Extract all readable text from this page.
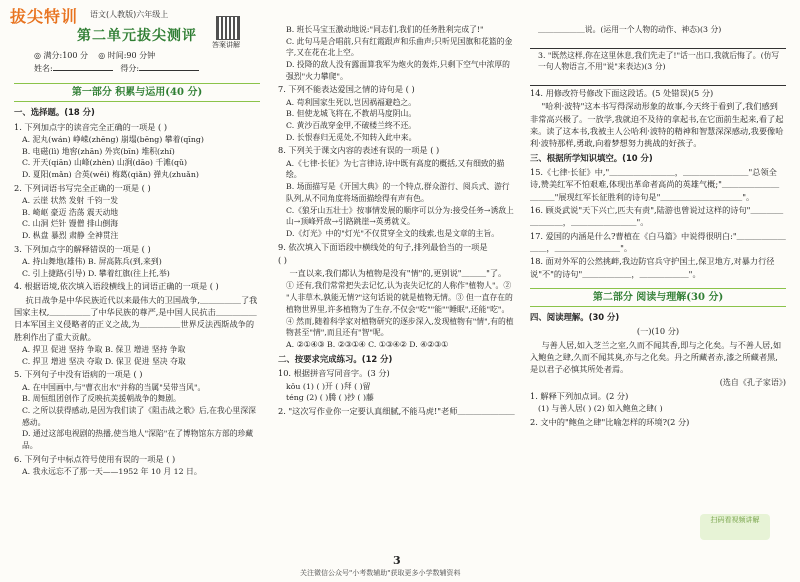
拔尖特训 语文(人教版)六年级上
答案讲解
第二单元拔尖测评
◎ 满分:100 分 ◎ 时间:90 分钟
姓名:	得分:
第一部分 积累与运用(40 分)
一、选择题。(18 分)
1. 下列加点字的读音完全正确的一项是 ( )
A. 泥丸(wán) 峥嵘(zhēng) 崩塌(bēng) 攀着(qīng)
B. 电磁(lì) 地窖(zhān) 外宾(bīn) 堆积(zhí)
C. 开天(qiān) 山峰(zhèn) 山涧(dāo) 千滩(qǔ)
D. 夏阳(mǎn) 合英(wěi) 梅葛(qiǎn) 弹丸(zhuǎn)
2. 下列词语书写完全正确的一项是 ( )
A. 云崖 状然 发射 千钧一发
B. 崎岖 豪迈 浩荡 震天动地
C. 山洞 烂针 馒僧 排山倒海
D. 枞盘 暴烈 肃静 全神贯注
3. 下列加点字的解释错误的一项是 ( )
A. 持山舞地(雄伟) B. 屏高陈兵(到,来到)
C. 引上捷路(引导) D. 攀着红旗(往上托,举)
4. 根据语境,依次填入语段横线上的词语正确的一项是 ( )
抗日战争是中华民族近代以来最伟大的卫国战争,＿＿＿＿＿了我国家主权,＿＿＿＿＿了中华民族的尊严,是中国人民抗击＿＿＿＿＿日本军国主义侵略者的正义之战,为＿＿＿＿＿世界反法西斯战争的胜利作出了重大贡献。
A. 捍卫 促进 坚持 争取 B. 保卫 增进 坚持 争取
C. 捍卫 增进 坚决 夺取 D. 保卫 促进 坚决 夺取
5. 下列句子中没有语病的一项是 ( )
A. 在中国画中,与"曹衣出水"并称的当属"吴带当风"。
B. 周恒组团创作了反映抗美援朝战争的舞剧。
C. 之所以获得感动,是因为我们读了《阻击战之歌》后,在我心里深深感动。
D. 通过这部电视剧的热播,使当地人"深陷"在了博物馆东方部的珍藏品。
6. 下列句子中标点符号使用有误的一项是 ( )
A. 我永远忘不了那一天——1952 年 10 月 12 日。
B. 班长马宝玉激动地说:"同志们,我们的任务胜利完成了!"
C. 此句马是合唱前,只有红霞跟声和乐曲声;只听见国旗和花篮的金字,又在花在北上空。
D. 投降的敌人没有露面算我军为炮火的轰炸,只剩下空气中浓厚的强烈"火力攀爬"。
7. 下列不能表达爱国之情的诗句是 ( )
A. 苟利国家生死以,岂因祸福避趋之。
B. 但使龙城飞将在,不教胡马度阴山。
C. 黄沙百战穿金甲,不破楼兰终不还。
D. 长恨春归无觅处,不知转入此中来。
8. 下列关于课文内容的表述有误的一项是 ( )
A.《七律·长征》为七言律诗,诗中既有高度的概括,又有细致的描绘。
B. 场面描写是《开国大典》的一个特点,群众游行、阅兵式、游行队列,从不同角度将场面描绘得有声有色。
C.《狼牙山五壮士》按事情发展的顺序可以分为:接受任务→诱敌上山→顶峰歼敌→引路跳崖→英勇就义。
D.《灯光》中的"灯光"不仅贯穿全文的线索,也是文章的主旨。
9. 依次填入下面语段中横线处的句子,排列最恰当的一项是
( )
一直以来,我们都认为植物是没有"情"的,更别说"＿＿＿"了。
① 还有,我们常常把失去记忆,认为丧失记忆的人称作"植物人"。② "人非草木,孰能无情?"这句话说的就是植物无情。③ 但一直存在的植物世界里,许多植物为了生存,不仅会"吃""能""睡眠",还能"吃"。④ 然而,随着科学家对植物研究的逐步深入,发现植物有"情",有的植物甚至"情",而且还有"智"呢。
A. ②①④③ B. ②③①④ C. ①③④② D. ④②③①
二、按要求完成练习。(12 分)
10. 根据拼音写同音字。(3 分)
kǒu (1) ( )开 ( )拜 ( )留
téng (2) ( )腾 ( )抄 ( )藤
2. "这次写作业你一定要认真细腻,不能马虎!"老师＿＿＿＿＿＿＿
＿＿＿＿＿＿说。(运用一个人物的动作、神态)(3 分)
3. "既然这样,你在这里休息,我们先走了!"话一出口,我就后悔了。(仿写一句人物语言,不用"说"来表达)(3 分)
14. 用修改符号修改下面这段话。(5 处错误)(5 分)
"哈利·波特"这本书写得深动形象的故事,今天终于看到了,我们感到非常高兴极了。一放学,我就迫不及待的拿起书,在它面前生起来,看了起来。读了这本书,我被主人公哈利·波特的精神和智慧深深感动,我要像哈利·波特那样,勇敢,向着梦想努力挑战的好孩子。
三、根据所学知识填空。(10 分)
15.《七律·长征》中,"＿＿＿＿＿＿＿＿，＿＿＿＿＿＿＿＿"总领全诗,赞美红军不怕艰难,体现出革命者高尚的英雄气概;"＿＿＿＿＿＿＿＿＿＿"展现红军长征胜利的诗句是"＿＿＿＿＿＿＿＿＿＿"。
16. 顾炎武说"天下兴亡,匹夫有责",陆游也曾说过这样的诗句"＿＿＿＿＿＿＿＿，＿＿＿＿＿＿＿＿"。
17. 爱国的内涵是什么?曹植在《白马篇》中说得很明白:"＿＿＿＿＿＿＿＿，＿＿＿＿＿＿＿＿"。
18. 面对外军的公然挑衅,我边防官兵守护国土,保卫地方,对暴力行径说"不"的诗句"＿＿＿＿＿＿，＿＿＿＿＿＿"。
第二部分 阅读与理解(30 分)
四、阅读理解。(30 分)
(一)(10 分)
与善人居,如入芝兰之室,久而不闻其香,即与之化矣。与不善人居,如入鲍鱼之肆,久而不闻其臭,亦与之化矣。丹之所藏者赤,漆之所藏者黑,是以君子必慎其所处者焉。
(选自《孔子家语》)
1. 解释下列加点词。(2 分)
(1) 与善人居( ) (2) 如入鲍鱼之肆( )
2. 文中的"鲍鱼之肆"比喻怎样的环境?(2 分)
扫码看视频讲解
3
关注微信公众号"小考数辅助"获取更多小学数辅资料
